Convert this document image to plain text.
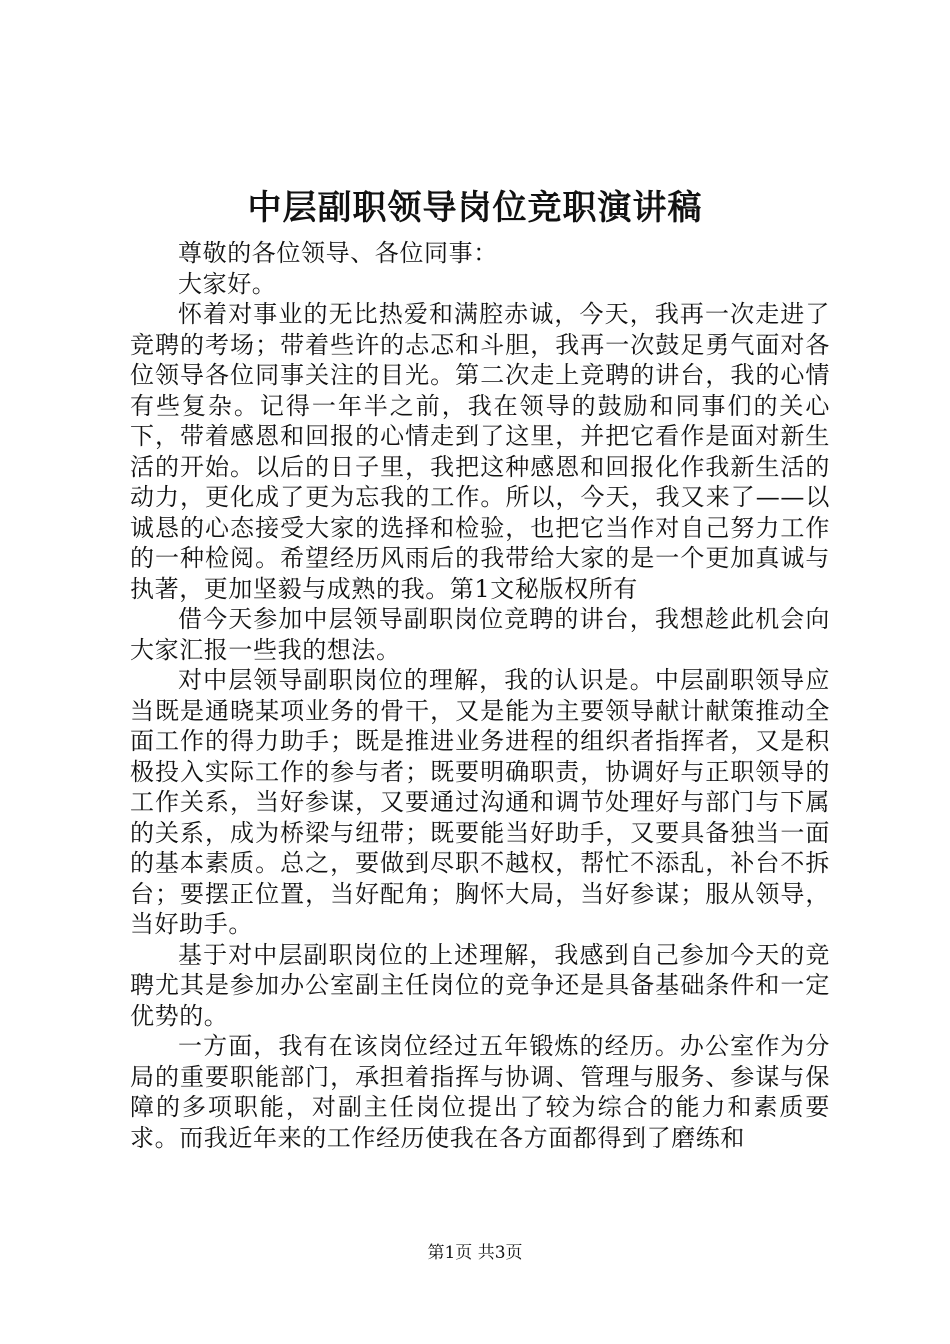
中层副职领导岗位竞职演讲稿

尊敬的各位领导、各位同事：

大家好。

怀着对事业的无比热爱和满腔赤诚，今天，我再一次走进了竞聘的考场；带着些许的忐忑和斗胆，我再一次鼓足勇气面对各位领导各位同事关注的目光。第二次走上竞聘的讲台，我的心情有些复杂。记得一年半之前，我在领导的鼓励和同事们的关心下，带着感恩和回报的心情走到了这里，并把它看作是面对新生活的开始。以后的日子里，我把这种感恩和回报化作我新生活的动力，更化成了更为忘我的工作。所以，今天，我又来了——以诚恳的心态接受大家的选择和检验，也把它当作对自己努力工作的一种检阅。希望经历风雨后的我带给大家的是一个更加真诚与执著，更加坚毅与成熟的我。第1文秘版权所有

借今天参加中层领导副职岗位竞聘的讲台，我想趁此机会向大家汇报一些我的想法。

对中层领导副职岗位的理解，我的认识是。中层副职领导应当既是通晓某项业务的骨干，又是能为主要领导献计献策推动全面工作的得力助手；既是推进业务进程的组织者指挥者，又是积极投入实际工作的参与者；既要明确职责，协调好与正职领导的工作关系，当好参谋，又要通过沟通和调节处理好与部门与下属的关系，成为桥梁与纽带；既要能当好助手，又要具备独当一面的基本素质。总之，要做到尽职不越权，帮忙不添乱，补台不拆台；要摆正位置，当好配角；胸怀大局，当好参谋；服从领导，当好助手。

基于对中层副职岗位的上述理解，我感到自己参加今天的竞聘尤其是参加办公室副主任岗位的竞争还是具备基础条件和一定优势的。

一方面，我有在该岗位经过五年锻炼的经历。办公室作为分局的重要职能部门，承担着指挥与协调、管理与服务、参谋与保障的多项职能，对副主任岗位提出了较为综合的能力和素质要求。而我近年来的工作经历使我在各方面都得到了磨练和

第1页 共3页
